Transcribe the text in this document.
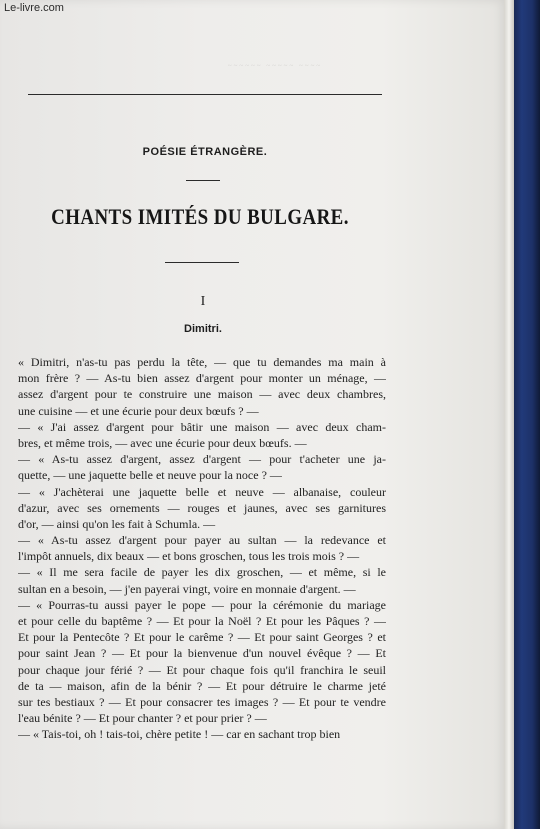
~~~~~~ ~~~~~ ~~~~
POÉSIE ÉTRANGÈRE.
CHANTS IMITÉS DU BULGARE.
I
Dimitri.
« Dimitri, n'as-tu pas perdu la tête, — que tu demandes ma main à
mon frère ? — As-tu bien assez d'argent pour monter un ménage, —
assez d'argent pour te construire une maison — avec deux chambres,
une cuisine — et une écurie pour deux bœufs ? —
— « J'ai assez d'argent pour bâtir une maison — avec deux cham-
bres, et même trois, — avec une écurie pour deux bœufs. —
— « As-tu assez d'argent, assez d'argent — pour t'acheter une ja-
quette, — une jaquette belle et neuve pour la noce ? —
— « J'achèterai une jaquette belle et neuve — albanaise, couleur
d'azur, avec ses ornements — rouges et jaunes, avec ses garnitures
d'or, — ainsi qu'on les fait à Schumla. —
— « As-tu assez d'argent pour payer au sultan — la redevance et
l'impôt annuels, dix beaux — et bons groschen, tous les trois mois ? —
— « Il me sera facile de payer les dix groschen, — et même, si le
sultan en a besoin, — j'en payerai vingt, voire en monnaie d'argent. —
— « Pourras-tu aussi payer le pope — pour la cérémonie du mariage
et pour celle du baptême ? — Et pour la Noël ? Et pour les Pâques ? —
Et pour la Pentecôte ? Et pour le carême ? — Et pour saint Georges ? et
pour saint Jean ? — Et pour la bienvenue d'un nouvel évêque ? — Et
pour chaque jour férié ? — Et pour chaque fois qu'il franchira le seuil
de ta — maison, afin de la bénir ? — Et pour détruire le charme jeté
sur tes bestiaux ? — Et pour consacrer tes images ? — Et pour te vendre
l'eau bénite ? — Et pour chanter ? et pour prier ? —
— « Tais-toi, oh ! tais-toi, chère petite ! — car en sachant trop bien
Le-livre.com
